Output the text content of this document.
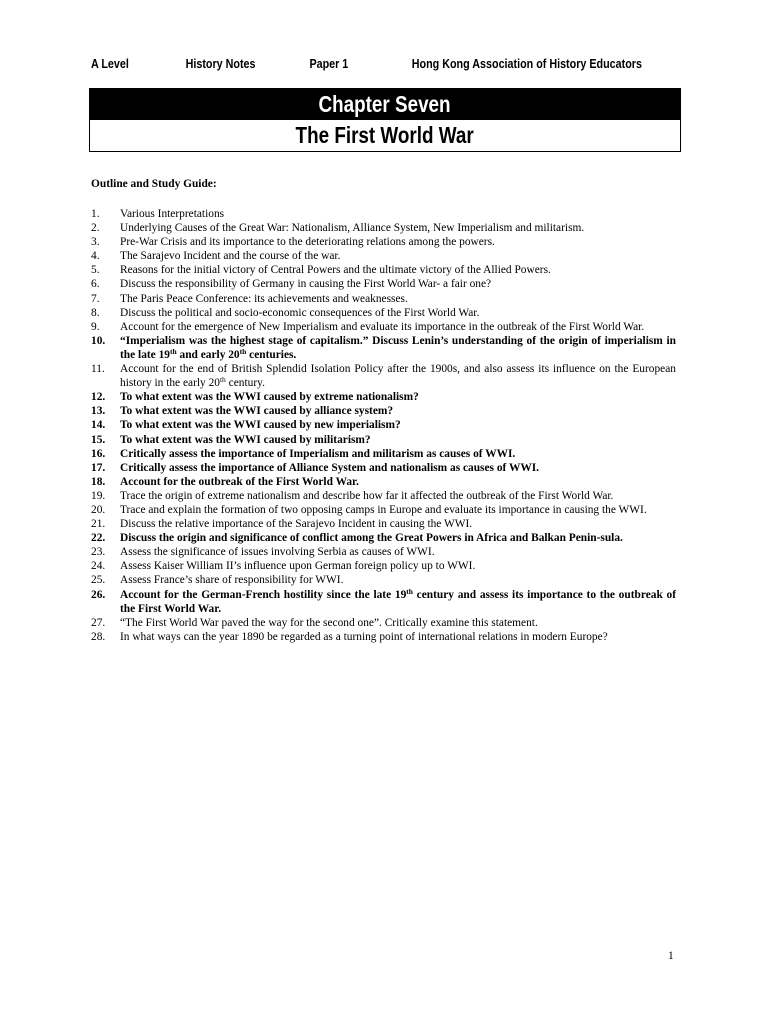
A Level	History Notes	Paper 1	Hong Kong Association of History Educators
Chapter Seven
The First World War
Outline and Study Guide:
1. Various Interpretations
2. Underlying Causes of the Great War: Nationalism, Alliance System, New Imperialism and militarism.
3. Pre-War Crisis and its importance to the deteriorating relations among the powers.
4. The Sarajevo Incident and the course of the war.
5. Reasons for the initial victory of Central Powers and the ultimate victory of the Allied Powers.
6. Discuss the responsibility of Germany in causing the First World War- a fair one?
7. The Paris Peace Conference: its achievements and weaknesses.
8. Discuss the political and socio-economic consequences of the First World War.
9. Account for the emergence of New Imperialism and evaluate its importance in the outbreak of the First World War.
10. “Imperialism was the highest stage of capitalism.” Discuss Lenin’s understanding of the origin of imperialism in the late 19th and early 20th centuries.
11. Account for the end of British Splendid Isolation Policy after the 1900s, and also assess its influence on the European history in the early 20th century.
12. To what extent was the WWI caused by extreme nationalism?
13. To what extent was the WWI caused by alliance system?
14. To what extent was the WWI caused by new imperialism?
15. To what extent was the WWI caused by militarism?
16. Critically assess the importance of Imperialism and militarism as causes of WWI.
17. Critically assess the importance of Alliance System and nationalism as causes of WWI.
18. Account for the outbreak of the First World War.
19. Trace the origin of extreme nationalism and describe how far it affected the outbreak of the First World War.
20. Trace and explain the formation of two opposing camps in Europe and evaluate its importance in causing the WWI.
21. Discuss the relative importance of the Sarajevo Incident in causing the WWI.
22. Discuss the origin and significance of conflict among the Great Powers in Africa and Balkan Penin-sula.
23. Assess the significance of issues involving Serbia as causes of WWI.
24. Assess Kaiser William II’s influence upon German foreign policy up to WWI.
25. Assess France’s share of responsibility for WWI.
26. Account for the German-French hostility since the late 19th century and assess its importance to the outbreak of the First World War.
27. “The First World War paved the way for the second one”. Critically examine this statement.
28. In what ways can the year 1890 be regarded as a turning point of international relations in modern Europe?
1
